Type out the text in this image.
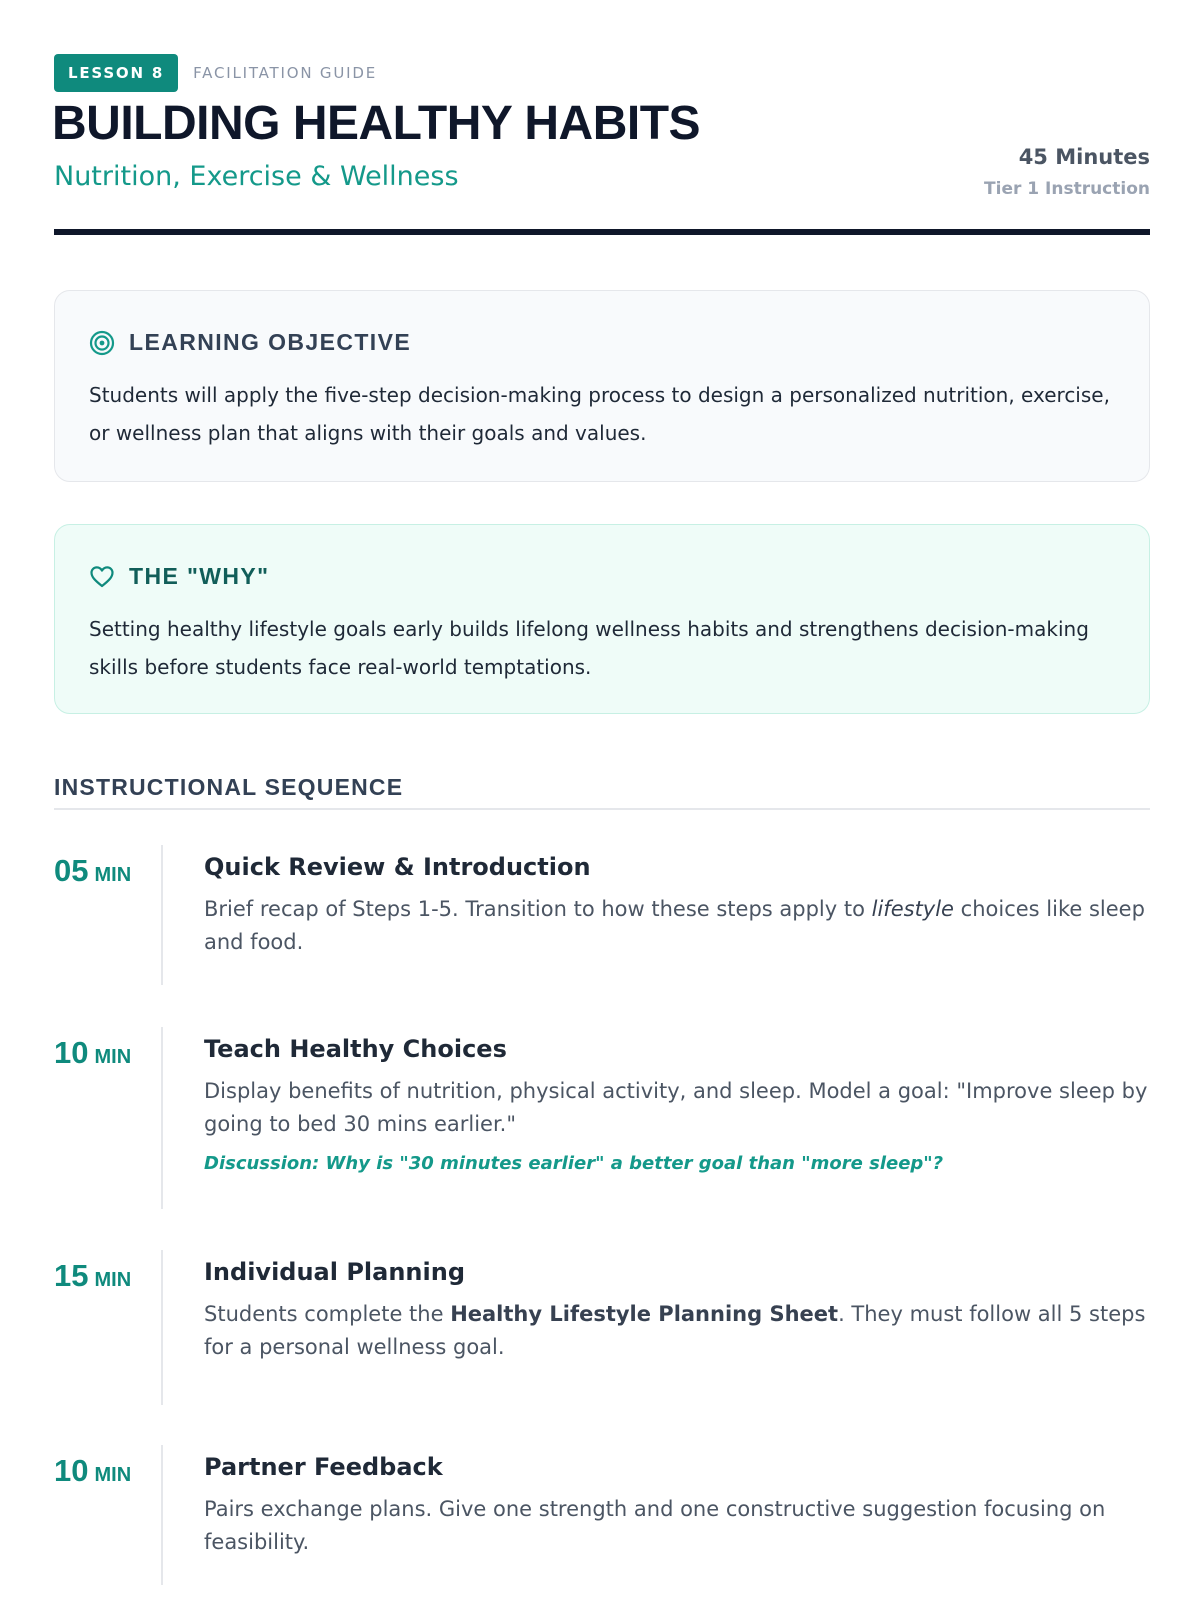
LESSON 8	FACILITATION GUIDE
BUILDING HEALTHY HABITS
Nutrition, Exercise & Wellness
45 Minutes
Tier 1 Instruction
LEARNING OBJECTIVE

Students will apply the five-step decision-making process to design a personalized nutrition, exercise, or wellness plan that aligns with their goals and values.

THE "WHY"

Setting healthy lifestyle goals early builds lifelong wellness habits and strengthens decision-making skills before students face real-world temptations.

INSTRUCTIONAL SEQUENCE
05 MIN	Quick Review & Introduction

Brief recap of Steps 1-5. Transition to how these steps apply to lifestyle choices like sleep and food.

10 MIN	Teach Healthy Choices

Display benefits of nutrition, physical activity, and sleep. Model a goal: "Improve sleep by going to bed 30 mins earlier."

Discussion: Why is "30 minutes earlier" a better goal than "more sleep"?

15 MIN	Individual Planning

Students complete the Healthy Lifestyle Planning Sheet. They must follow all 5 steps for a personal wellness goal.

10 MIN	Partner Feedback

Pairs exchange plans. Give one strength and one constructive suggestion focusing on feasibility.
